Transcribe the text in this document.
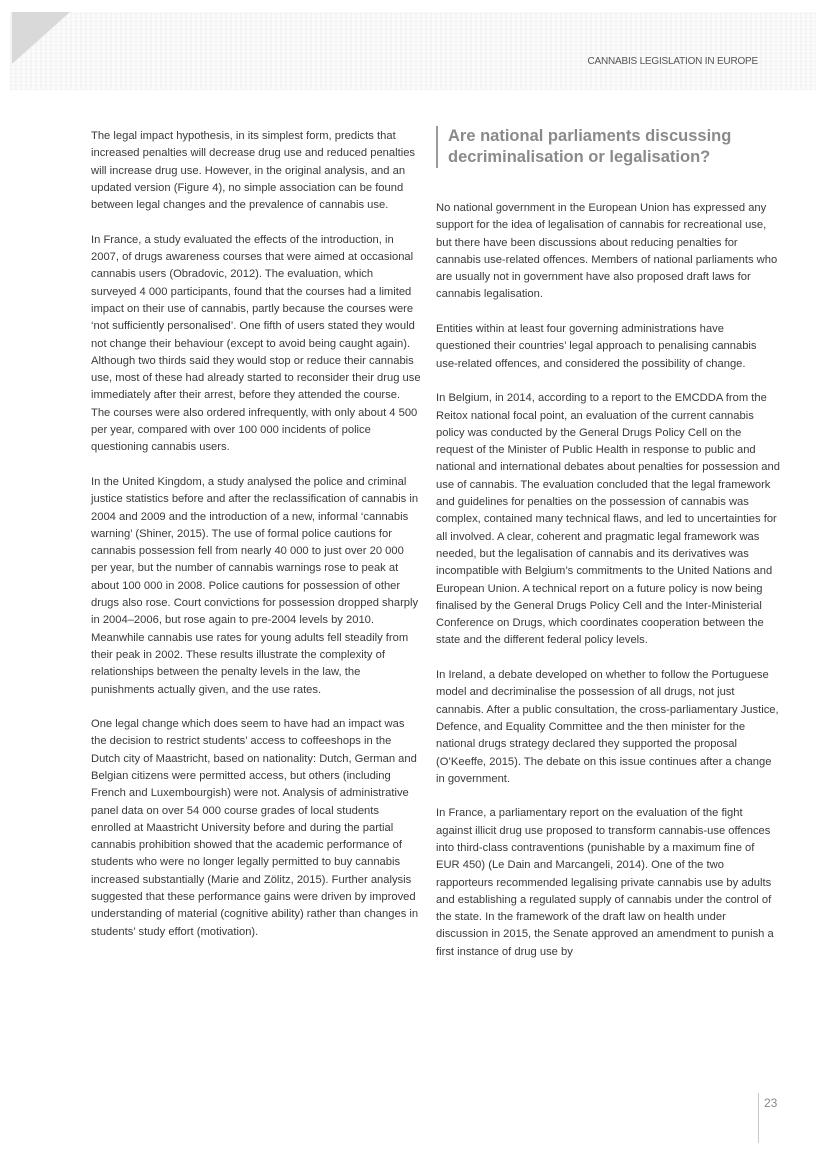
CANNABIS LEGISLATION IN EUROPE

The legal impact hypothesis, in its simplest form, predicts that increased penalties will decrease drug use and reduced penalties will increase drug use. However, in the original analysis, and an updated version (Figure 4), no simple association can be found between legal changes and the prevalence of cannabis use.

In France, a study evaluated the effects of the introduction, in 2007, of drugs awareness courses that were aimed at occasional cannabis users (Obradovic, 2012). The evaluation, which surveyed 4 000 participants, found that the courses had a limited impact on their use of cannabis, partly because the courses were ‘not sufficiently personalised’. One fifth of users stated they would not change their behaviour (except to avoid being caught again). Although two thirds said they would stop or reduce their cannabis use, most of these had already started to reconsider their drug use immediately after their arrest, before they attended the course. The courses were also ordered infrequently, with only about 4 500 per year, compared with over 100 000 incidents of police questioning cannabis users.

In the United Kingdom, a study analysed the police and criminal justice statistics before and after the reclassification of cannabis in 2004 and 2009 and the introduction of a new, informal ‘cannabis warning’ (Shiner, 2015). The use of formal police cautions for cannabis possession fell from nearly 40 000 to just over 20 000 per year, but the number of cannabis warnings rose to peak at about 100 000 in 2008. Police cautions for possession of other drugs also rose. Court convictions for possession dropped sharply in 2004–2006, but rose again to pre-2004 levels by 2010. Meanwhile cannabis use rates for young adults fell steadily from their peak in 2002. These results illustrate the complexity of relationships between the penalty levels in the law, the punishments actually given, and the use rates.

One legal change which does seem to have had an impact was the decision to restrict students’ access to coffeeshops in the Dutch city of Maastricht, based on nationality: Dutch, German and Belgian citizens were permitted access, but others (including French and Luxembourgish) were not. Analysis of administrative panel data on over 54 000 course grades of local students enrolled at Maastricht University before and during the partial cannabis prohibition showed that the academic performance of students who were no longer legally permitted to buy cannabis increased substantially (Marie and Zölitz, 2015). Further analysis suggested that these performance gains were driven by improved understanding of material (cognitive ability) rather than changes in students’ study effort (motivation).

Are national parliaments discussing decriminalisation or legalisation?

No national government in the European Union has expressed any support for the idea of legalisation of cannabis for recreational use, but there have been discussions about reducing penalties for cannabis use-related offences. Members of national parliaments who are usually not in government have also proposed draft laws for cannabis legalisation.

Entities within at least four governing administrations have questioned their countries’ legal approach to penalising cannabis use-related offences, and considered the possibility of change.

In Belgium, in 2014, according to a report to the EMCDDA from the Reitox national focal point, an evaluation of the current cannabis policy was conducted by the General Drugs Policy Cell on the request of the Minister of Public Health in response to public and national and international debates about penalties for possession and use of cannabis. The evaluation concluded that the legal framework and guidelines for penalties on the possession of cannabis was complex, contained many technical flaws, and led to uncertainties for all involved. A clear, coherent and pragmatic legal framework was needed, but the legalisation of cannabis and its derivatives was incompatible with Belgium’s commitments to the United Nations and European Union. A technical report on a future policy is now being finalised by the General Drugs Policy Cell and the Inter-Ministerial Conference on Drugs, which coordinates cooperation between the state and the different federal policy levels.

In Ireland, a debate developed on whether to follow the Portuguese model and decriminalise the possession of all drugs, not just cannabis. After a public consultation, the cross-parliamentary Justice, Defence, and Equality Committee and the then minister for the national drugs strategy declared they supported the proposal (O’Keeffe, 2015). The debate on this issue continues after a change in government.

In France, a parliamentary report on the evaluation of the fight against illicit drug use proposed to transform cannabis-use offences into third-class contraventions (punishable by a maximum fine of EUR 450) (Le Dain and Marcangeli, 2014). One of the two rapporteurs recommended legalising private cannabis use by adults and establishing a regulated supply of cannabis under the control of the state. In the framework of the draft law on health under discussion in 2015, the Senate approved an amendment to punish a first instance of drug use by

23
